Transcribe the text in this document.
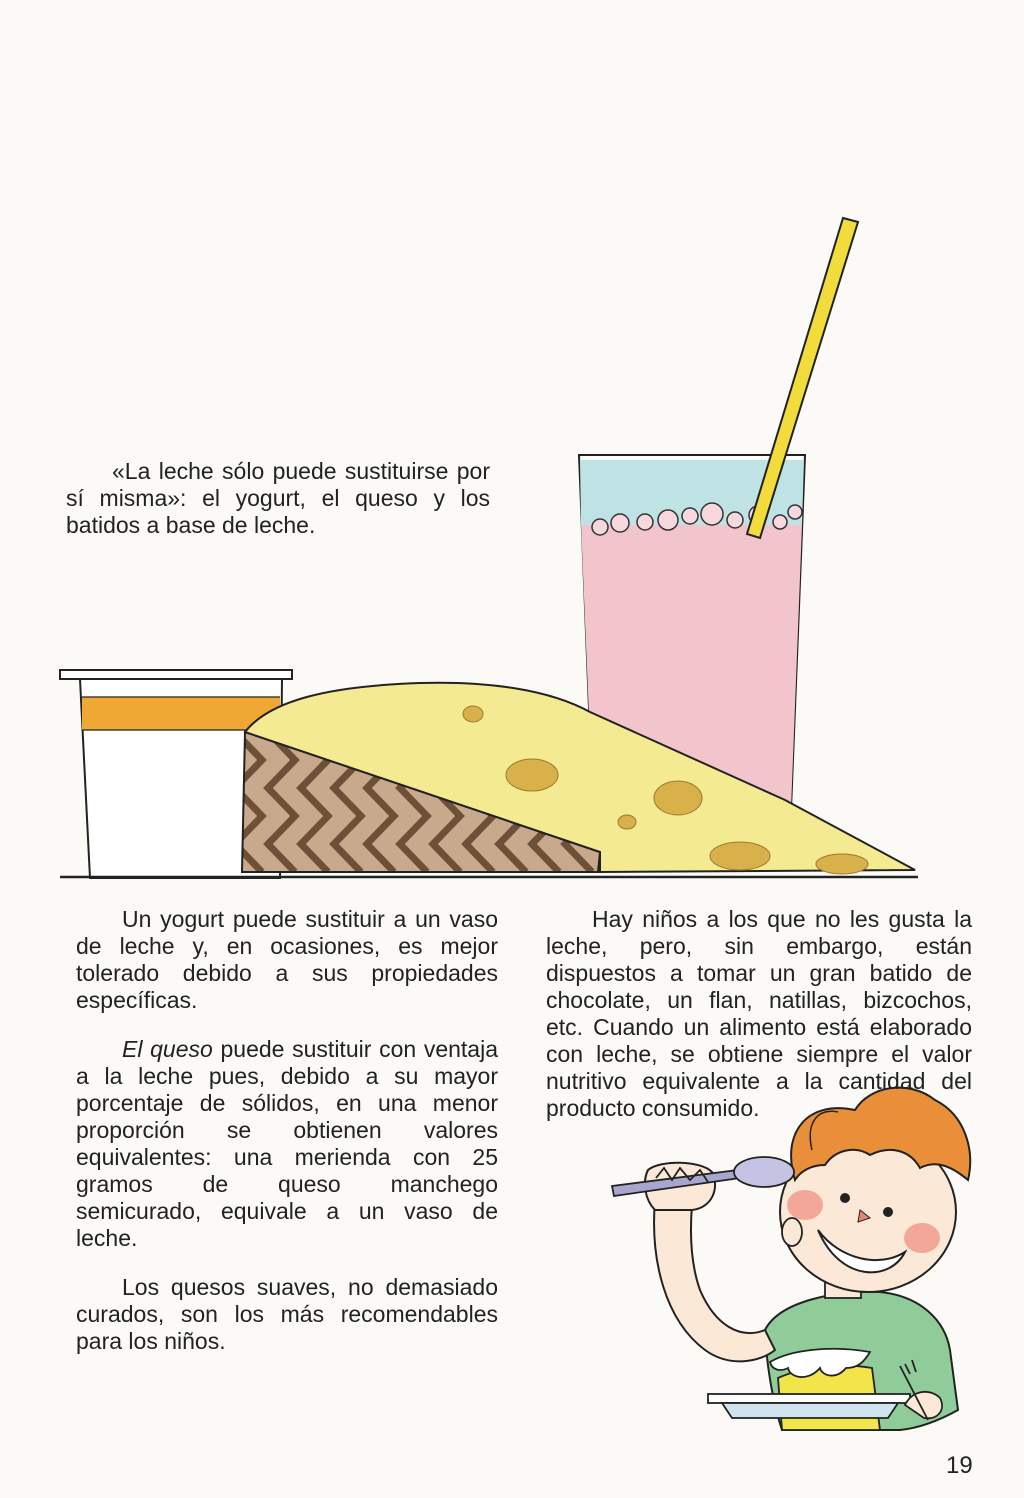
«La leche sólo puede sustituirse por sí misma»: el yogurt, el queso y los batidos a base de leche.

Un yogurt puede sustituir a un vaso de leche y, en ocasiones, es mejor tolerado debido a sus propiedades específicas.

El queso puede sustituir con ventaja a la leche pues, debido a su mayor porcentaje de sólidos, en una menor proporción se obtienen valores equivalentes: una merienda con 25 gramos de queso manchego semicurado, equivale a un vaso de leche.

Los quesos suaves, no demasiado curados, son los más recomendables para los niños.

Hay niños a los que no les gusta la leche, pero, sin embargo, están dispuestos a tomar un gran batido de chocolate, un flan, natillas, bizcochos, etc. Cuando un alimento está elaborado con leche, se obtiene siempre el valor nutritivo equivalente a la cantidad del producto consumido.

19
